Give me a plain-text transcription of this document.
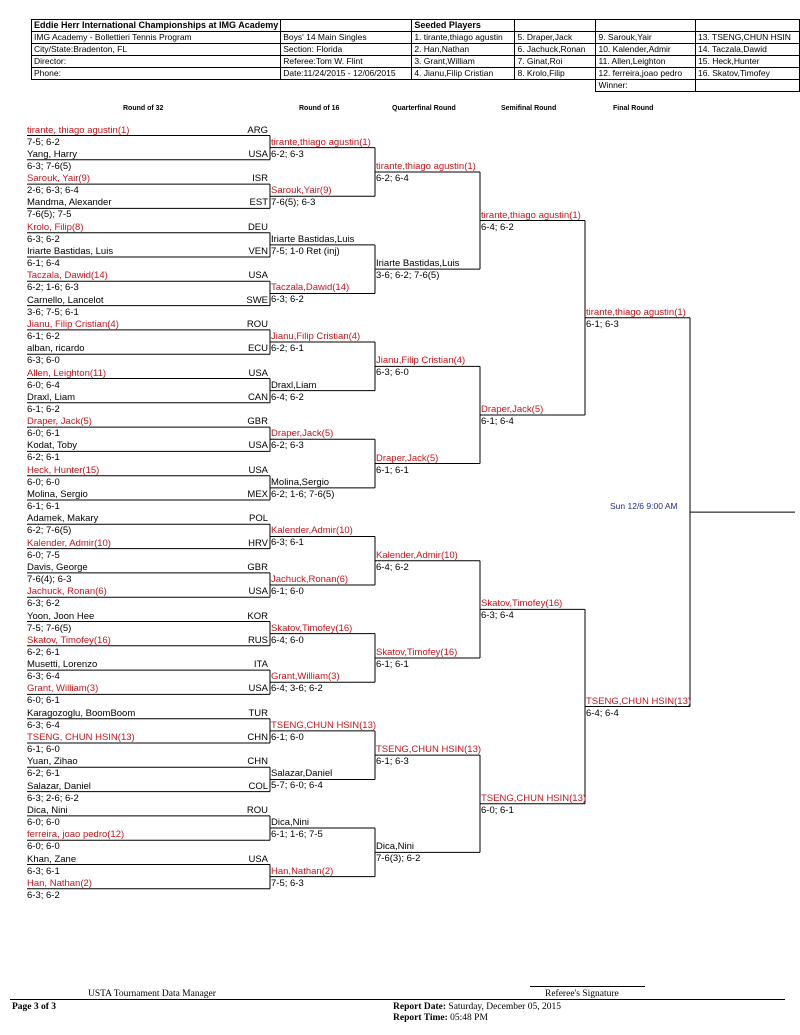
Eddie Herr International Championships at IMG Academy		Seeded Players			
IMG Academy - Bollettieri Tennis Program	Boys' 14 Main Singles	1. tirante,thiago agustin	5. Draper,Jack	9. Sarouk,Yair	13. TSENG,CHUN HSIN
City/State:Bradenton, FL	Section: Florida	2. Han,Nathan	6. Jachuck,Ronan	10. Kalender,Admir	14. Taczala,Dawid
Director:	Referee:Tom W. Flint	3. Grant,William	7. Ginat,Roi	11. Allen,Leighton	15. Heck,Hunter
Phone:	Date:11/24/2015 - 12/06/2015	4. Jianu,Filip Cristian	8. Krolo,Filip	12. ferreira,joao pedro	16. Skatov,Timofey
				Winner:	
Round of 32	Round of 16	Quarterfinal Round	Semifinal Round	Final Round
tirante, thiago agustin(1)	ARG
7-5; 6-2
Yang, Harry	USA
6-3; 7-6(5)
Sarouk, Yair(9)	ISR
2-6; 6-3; 6-4
Mandma, Alexander	EST
7-6(5); 7-5
Krolo, Filip(8)	DEU
6-3; 6-2
Iriarte Bastidas, Luis	VEN
6-1; 6-4
Taczala, Dawid(14)	USA
6-2; 1-6; 6-3
Carnello, Lancelot	SWE
3-6; 7-5; 6-1
Jianu, Filip Cristian(4)	ROU
6-1; 6-2
alban, ricardo	ECU
6-3; 6-0
Allen, Leighton(11)	USA
6-0; 6-4
Draxl, Liam	CAN
6-1; 6-2
Draper, Jack(5)	GBR
6-0; 6-1
Kodat, Toby	USA
6-2; 6-1
Heck, Hunter(15)	USA
6-0; 6-0
Molina, Sergio	MEX
6-1; 6-1
Adamek, Makary	POL
6-2; 7-6(5)
Kalender, Admir(10)	HRV
6-0; 7-5
Davis, George	GBR
7-6(4); 6-3
Jachuck, Ronan(6)	USA
6-3; 6-2
Yoon, Joon Hee	KOR
7-5; 7-6(5)
Skatov, Timofey(16)	RUS
6-2; 6-1
Musetti, Lorenzo	ITA
6-3; 6-4
Grant, William(3)	USA
6-0; 6-1
Karagozoglu, BoomBoom	TUR
6-3; 6-4
TSENG, CHUN HSIN(13)	CHN
6-1; 6-0
Yuan, Zihao	CHN
6-2; 6-1
Salazar, Daniel	COL
6-3; 2-6; 6-2
Dica, Nini	ROU
6-0; 6-0
ferreira, joao pedro(12)
6-0; 6-0
Khan, Zane	USA
6-3; 6-1
Han, Nathan(2)
6-3; 6-2
tirante,thiago agustin(1)
6-2; 6-3
Sarouk,Yair(9)
7-6(5); 6-3
Iriarte Bastidas,Luis
7-5; 1-0 Ret (inj)
Taczala,Dawid(14)
6-3; 6-2
Jianu,Filip Cristian(4)
6-2; 6-1
Draxl,Liam
6-4; 6-2
Draper,Jack(5)
6-2; 6-3
Molina,Sergio
6-2; 1-6; 7-6(5)
Kalender,Admir(10)
6-3; 6-1
Jachuck,Ronan(6)
6-1; 6-0
Skatov,Timofey(16)
6-4; 6-0
Grant,William(3)
6-4; 3-6; 6-2
TSENG,CHUN HSIN(13)
6-1; 6-0
Salazar,Daniel
5-7; 6-0; 6-4
Dica,Nini
6-1; 1-6; 7-5
Han,Nathan(2)
7-5; 6-3
tirante,thiago agustin(1)
6-2; 6-4
Iriarte Bastidas,Luis
3-6; 6-2; 7-6(5)
Jianu,Filip Cristian(4)
6-3; 6-0
Draper,Jack(5)
6-1; 6-1
Kalender,Admir(10)
6-4; 6-2
Skatov,Timofey(16)
6-1; 6-1
TSENG,CHUN HSIN(13)
6-1; 6-3
Dica,Nini
7-6(3); 6-2
tirante,thiago agustin(1)
6-4; 6-2
Draper,Jack(5)
6-1; 6-4
Skatov,Timofey(16)
6-3; 6-4
TSENG,CHUN HSIN(13)
6-0; 6-1
tirante,thiago agustin(1)
6-1; 6-3
TSENG,CHUN HSIN(13)
6-4; 6-4
Sun 12/6 9:00 AM
USTA Tournament Data Manager	Referee's Signature
Page 3 of 3	Report Date: Saturday, December 05, 2015
Report Time: 05:48 PM
